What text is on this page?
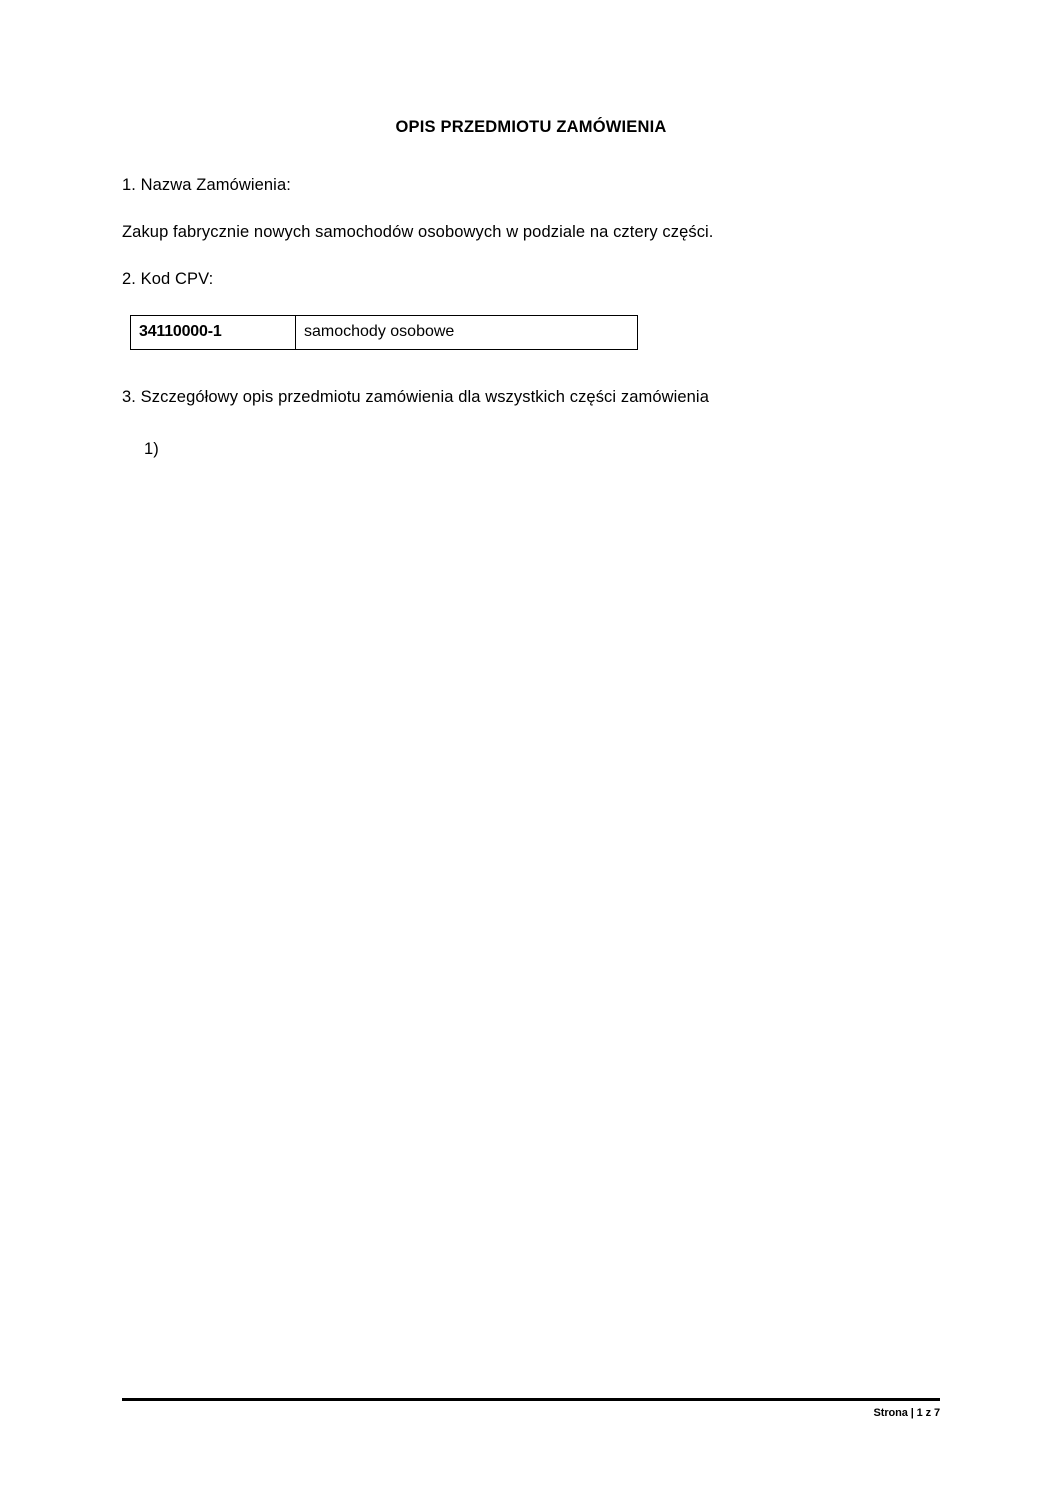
OPIS PRZEDMIOTU ZAMÓWIENIA

1. Nazwa Zamówienia:

Zakup fabrycznie nowych samochodów osobowych w podziale na cztery części.

2. Kod CPV:

34110000-1	samochody osobowe

3. Szczegółowy opis przedmiotu zamówienia dla wszystkich części zamówienia

1)

Strona | 1 z 7
